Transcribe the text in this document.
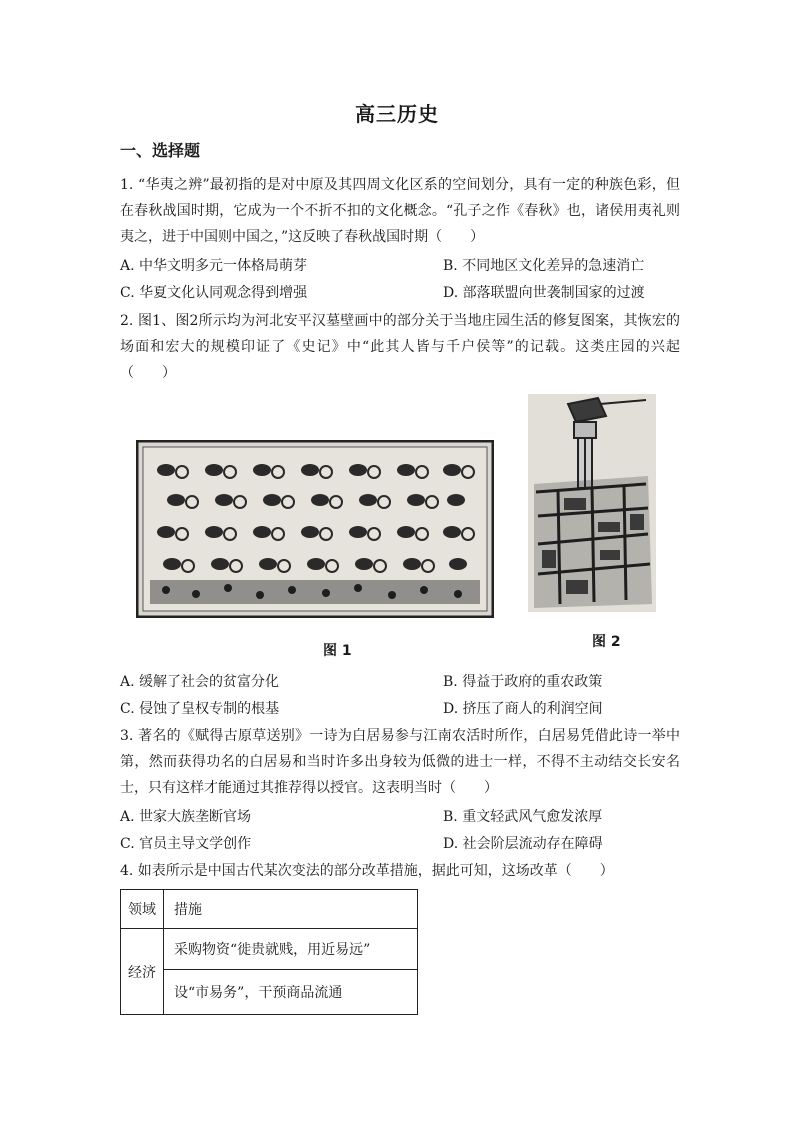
高三历史
一、选择题
1. “华夷之辨”最初指的是对中原及其四周文化区系的空间划分，具有一定的种族色彩，但在春秋战国时期，它成为一个不折不扣的文化概念。“孔子之作《春秋》也，诸侯用夷礼则夷之，进于中国则中国之，”这反映了春秋战国时期（　　）
A. 中华文明多元一体格局萌芽	B. 不同地区文化差异的急速消亡
C. 华夏文化认同观念得到增强	D. 部落联盟向世袭制国家的过渡
2. 图1、图2所示均为河北安平汉墓壁画中的部分关于当地庄园生活的修复图案，其恢宏的场面和宏大的规模印证了《史记》中“此其人皆与千户侯等”的记载。这类庄园的兴起（　　）
图 1
图 2
A. 缓解了社会的贫富分化	B. 得益于政府的重农政策
C. 侵蚀了皇权专制的根基	D. 挤压了商人的利润空间
3. 著名的《赋得古原草送别》一诗为白居易参与江南农活时所作，白居易凭借此诗一举中第，然而获得功名的白居易和当时许多出身较为低微的进士一样，不得不主动结交长安名士，只有这样才能通过其推荐得以授官。这表明当时（　　）
A. 世家大族垄断官场	B. 重文轻武风气愈发浓厚
C. 官员主导文学创作	D. 社会阶层流动存在障碍
4. 如表所示是中国古代某次变法的部分改革措施，据此可知，这场改革（　　）
领域	措施
经济	采购物资“徙贵就贱，用近易远”
	设“市易务”，干预商品流通
